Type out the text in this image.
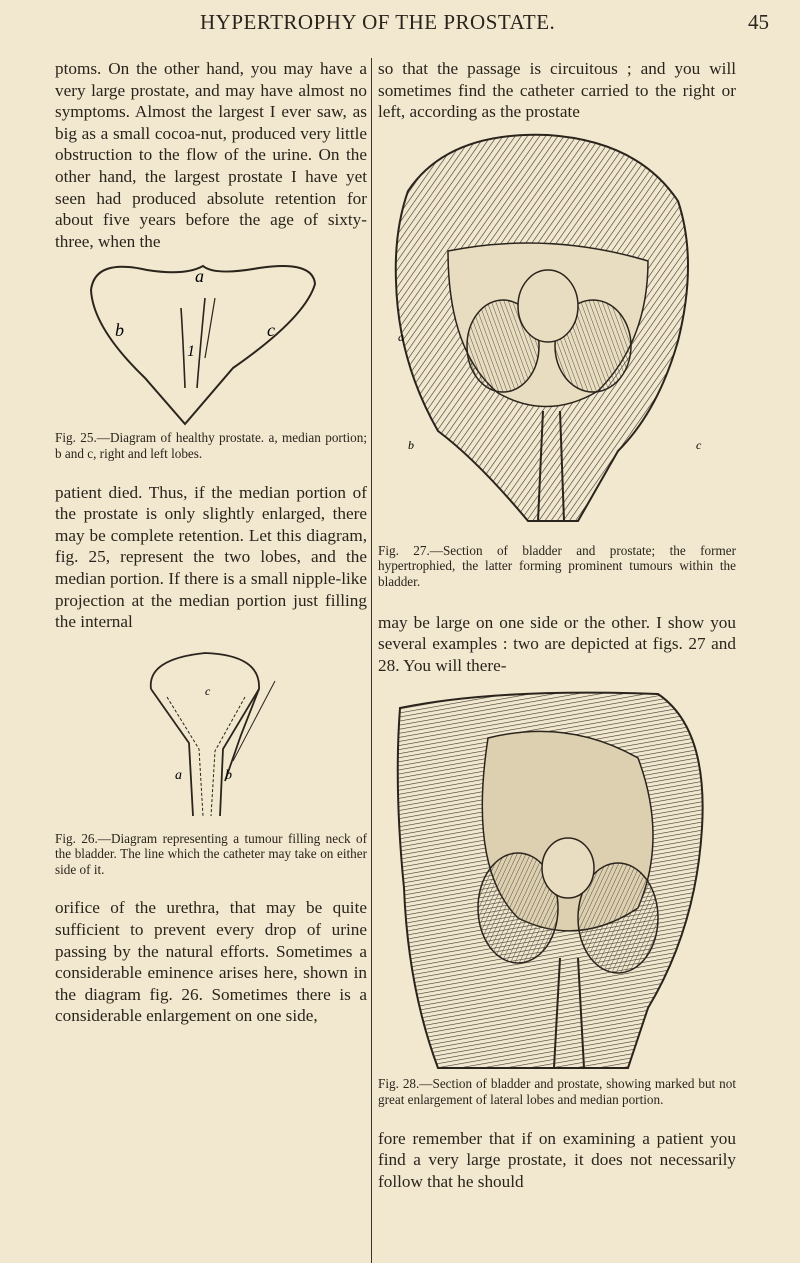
HYPERTROPHY OF THE PROSTATE.	45

ptoms. On the other hand, you may have a very large prostate, and may have almost no symptoms. Almost the largest I ever saw, as big as a small cocoa-nut, produced very little obstruction to the flow of the urine. On the other hand, the largest prostate I have yet seen had produced absolute retention for about five years before the age of sixty-three, when the

a
b	c
1

Fig. 25.—Diagram of healthy prostate. a, median portion; b and c, right and left lobes.

patient died. Thus, if the median portion of the prostate is only slightly enlarged, there may be complete retention. Let this diagram, fig. 25, represent the two lobes, and the median portion. If there is a small nipple-like projection at the median portion just filling the internal

c
a	b

Fig. 26.—Diagram representing a tumour filling neck of the bladder. The line which the catheter may take on either side of it.

orifice of the urethra, that may be quite sufficient to prevent every drop of urine passing by the natural efforts. Sometimes a considerable eminence arises here, shown in the diagram fig. 26. Sometimes there is a considerable enlargement on one side,

so that the passage is circuitous ; and you will sometimes find the catheter carried to the right or left, according as the prostate

a
b	c

Fig. 27.—Section of bladder and prostate; the former hypertrophied, the latter forming prominent tumours within the bladder.

may be large on one side or the other. I show you several examples : two are depicted at figs. 27 and 28. You will there-

Fig. 28.—Section of bladder and prostate, showing marked but not great enlargement of lateral lobes and median portion.

fore remember that if on examining a patient you find a very large prostate, it does not necessarily follow that he should
